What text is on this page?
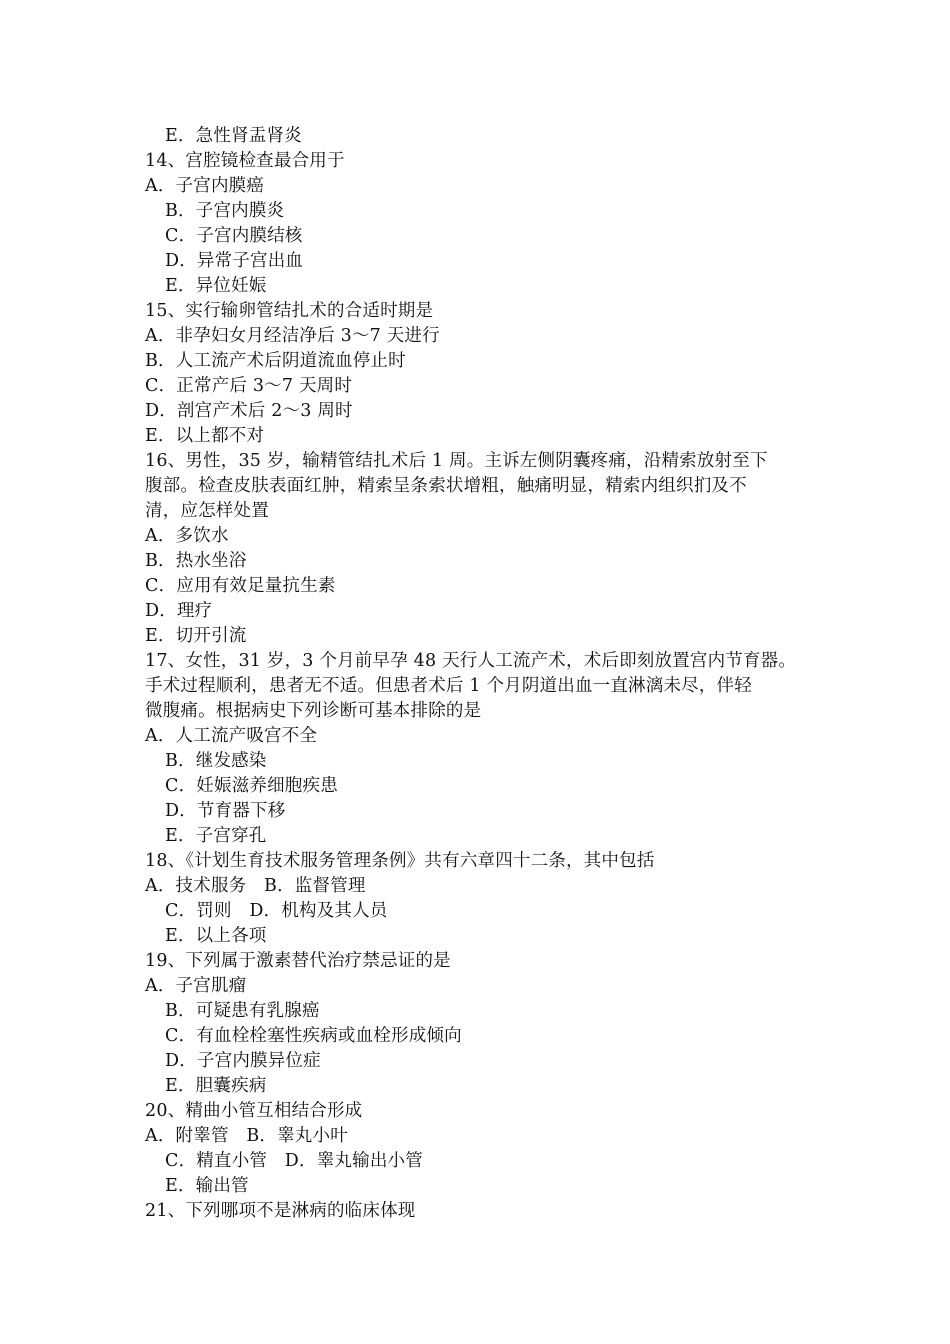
E．急性肾盂肾炎
14、宫腔镜检查最合用于
A．子宫内膜癌
B．子宫内膜炎
C．子宫内膜结核
D．异常子宫出血
E．异位妊娠
15、实行输卵管结扎术的合适时期是
A．非孕妇女月经洁净后 3～7 天进行
B．人工流产术后阴道流血停止时
C．正常产后 3～7 天周时
D．剖宫产术后 2～3 周时
E．以上都不对
16、男性，35 岁，输精管结扎术后 1 周。主诉左侧阴囊疼痛，沿精索放射至下
腹部。检查皮肤表面红肿，精索呈条索状增粗，触痛明显，精索内组织扪及不
清，应怎样处置
A．多饮水
B．热水坐浴
C．应用有效足量抗生素
D．理疗
E．切开引流
17、女性，31 岁，3 个月前早孕 48 天行人工流产术，术后即刻放置宫内节育器。
手术过程顺利，患者无不适。但患者术后 1 个月阴道出血一直淋漓未尽，伴轻
微腹痛。根据病史下列诊断可基本排除的是
A．人工流产吸宫不全
B．继发感染
C．妊娠滋养细胞疾患
D．节育器下移
E．子宫穿孔
18、《计划生育技术服务管理条例》共有六章四十二条，其中包括
A．技术服务　B．监督管理
C．罚则　D．机构及其人员
E．以上各项
19、下列属于激素替代治疗禁忌证的是
A．子宫肌瘤
B．可疑患有乳腺癌
C．有血栓栓塞性疾病或血栓形成倾向
D．子宫内膜异位症
E．胆囊疾病
20、精曲小管互相结合形成
A．附睾管　B．睾丸小叶
C．精直小管　D．睾丸输出小管
E．输出管
21、下列哪项不是淋病的临床体现
